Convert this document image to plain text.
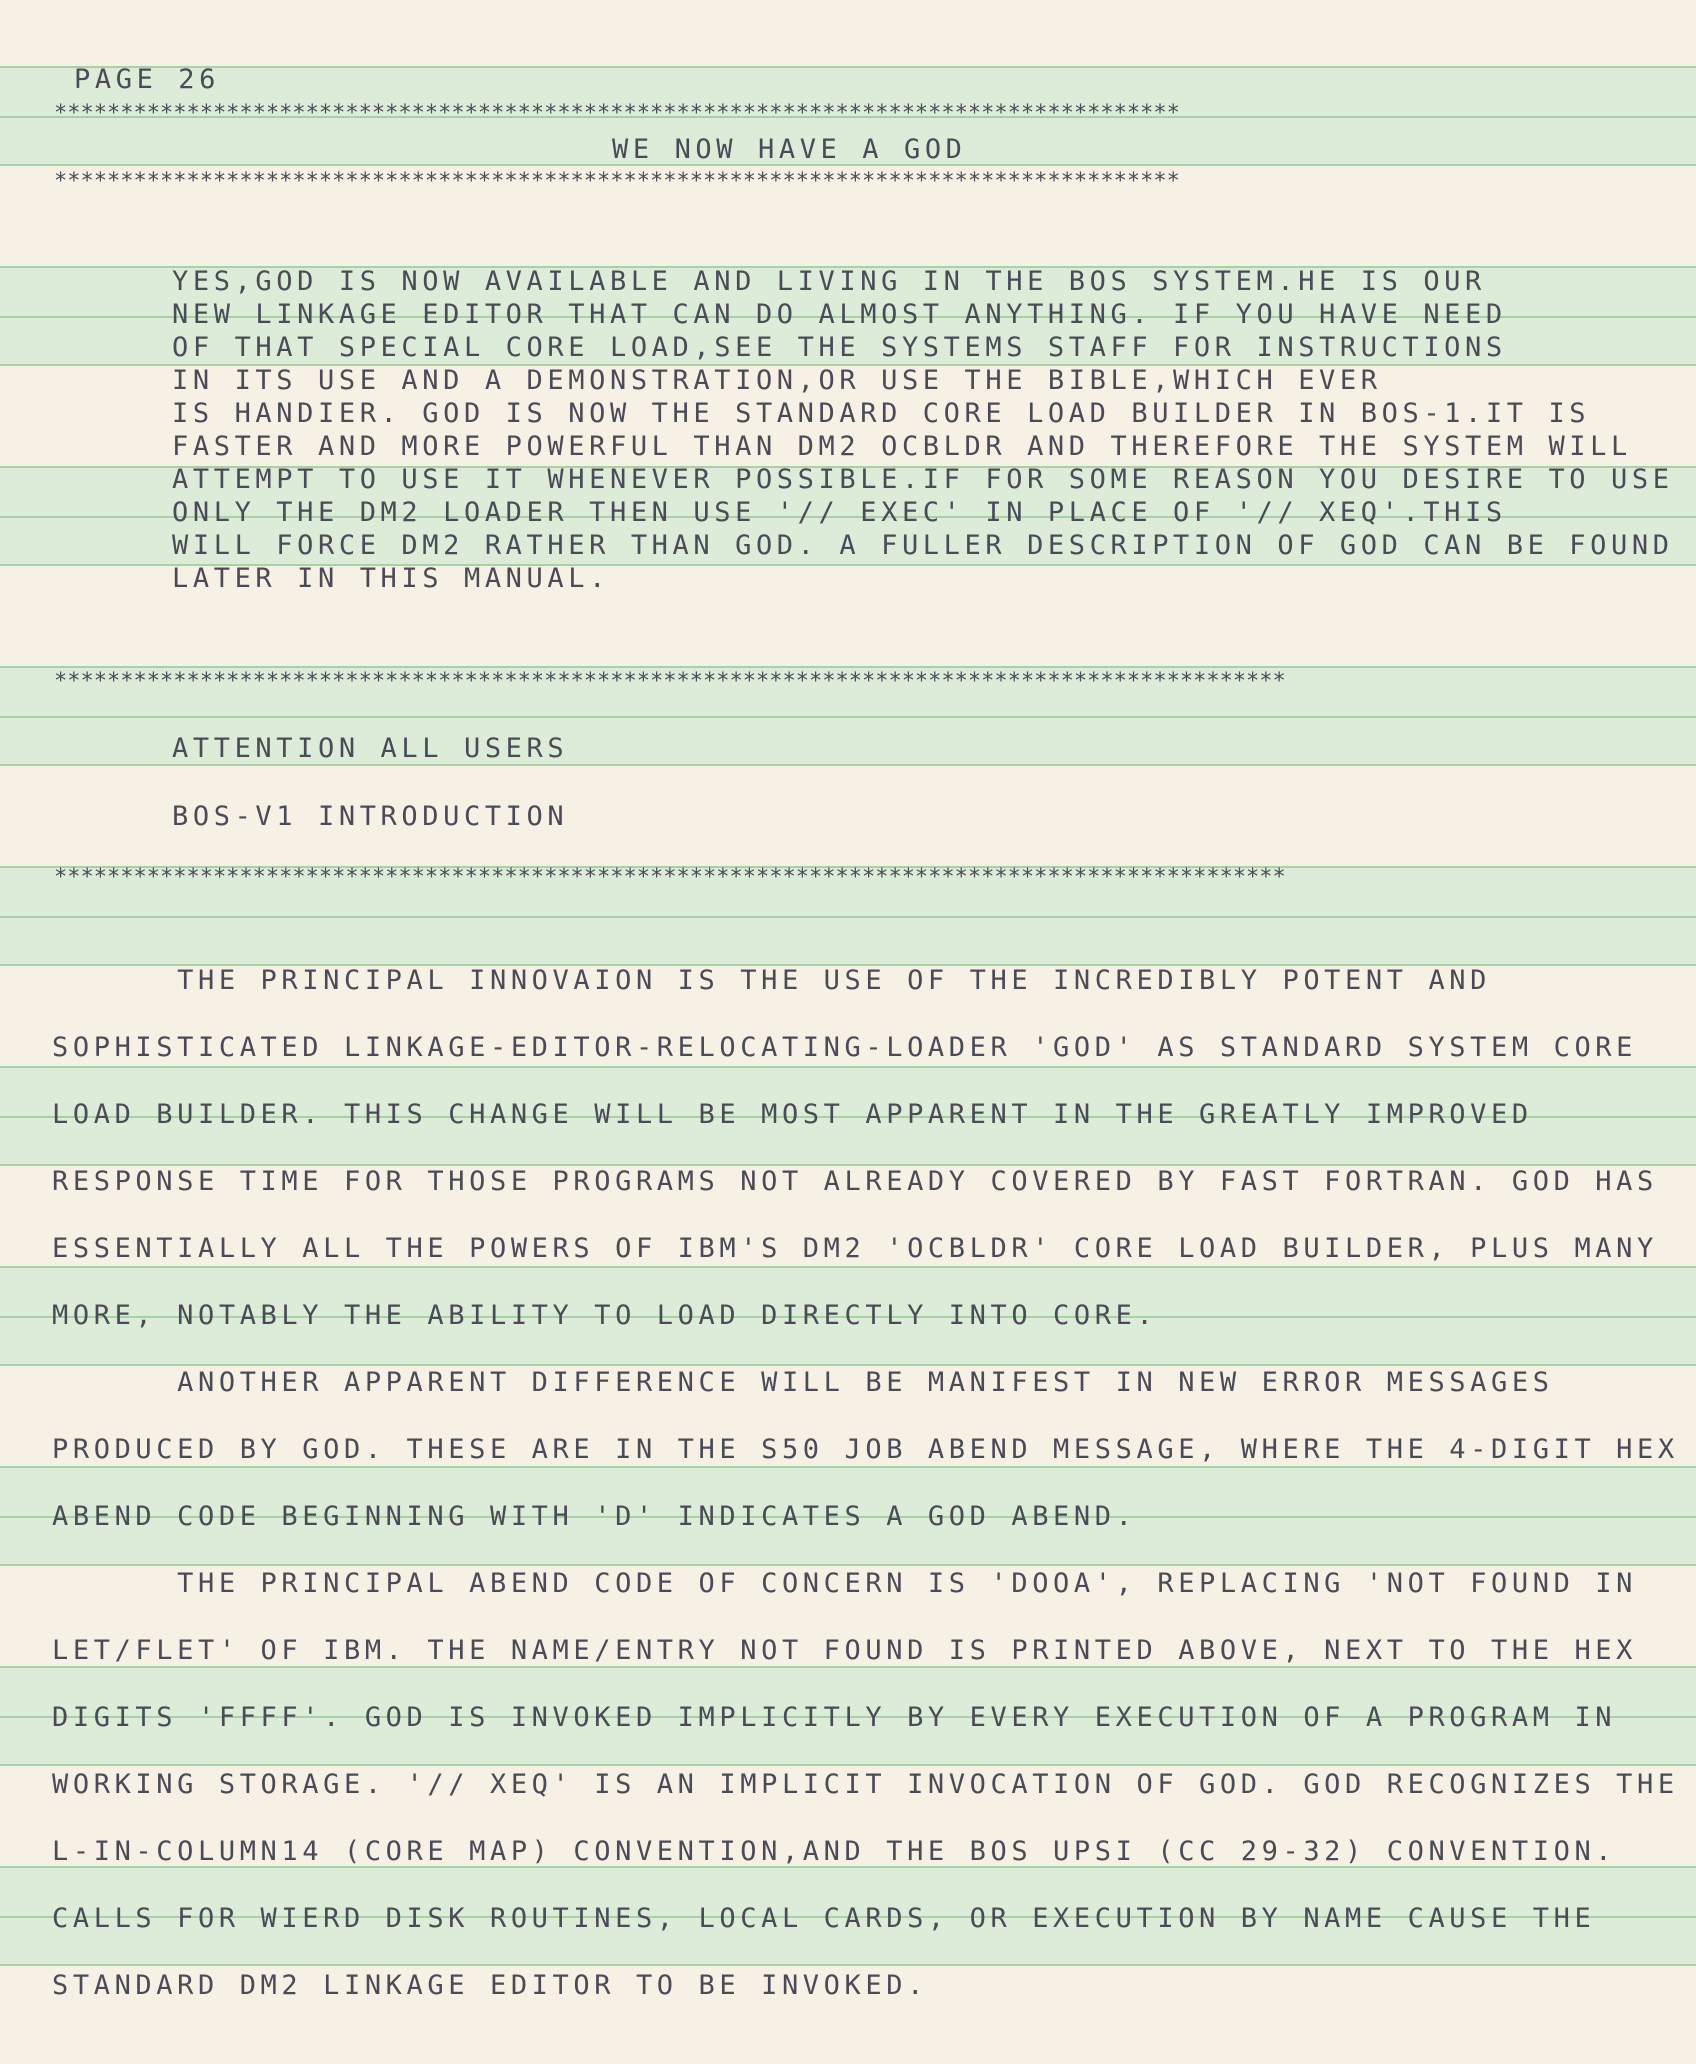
PAGE 26
*************************************************************************************
WE NOW HAVE A GOD
*************************************************************************************
YES,GOD IS NOW AVAILABLE AND LIVING IN THE BOS SYSTEM.HE IS OUR
NEW LINKAGE EDITOR THAT CAN DO ALMOST ANYTHING. IF YOU HAVE NEED
OF THAT SPECIAL CORE LOAD,SEE THE SYSTEMS STAFF FOR INSTRUCTIONS
IN ITS USE AND A DEMONSTRATION,OR USE THE BIBLE,WHICH EVER
IS HANDIER. GOD IS NOW THE STANDARD CORE LOAD BUILDER IN BOS-1.IT IS
FASTER AND MORE POWERFUL THAN DM2 OCBLDR AND THEREFORE THE SYSTEM WILL
ATTEMPT TO USE IT WHENEVER POSSIBLE.IF FOR SOME REASON YOU DESIRE TO USE
ONLY THE DM2 LOADER THEN USE '// EXEC' IN PLACE OF '// XEQ'.THIS
WILL FORCE DM2 RATHER THAN GOD. A FULLER DESCRIPTION OF GOD CAN BE FOUND
LATER IN THIS MANUAL.
*********************************************************************************************
ATTENTION ALL USERS
BOS-V1 INTRODUCTION
*********************************************************************************************
THE PRINCIPAL INNOVAION IS THE USE OF THE INCREDIBLY POTENT AND
SOPHISTICATED LINKAGE-EDITOR-RELOCATING-LOADER 'GOD' AS STANDARD SYSTEM CORE
LOAD BUILDER. THIS CHANGE WILL BE MOST APPARENT IN THE GREATLY IMPROVED
RESPONSE TIME FOR THOSE PROGRAMS NOT ALREADY COVERED BY FAST FORTRAN. GOD HAS
ESSENTIALLY ALL THE POWERS OF IBM'S DM2 'OCBLDR' CORE LOAD BUILDER, PLUS MANY
MORE, NOTABLY THE ABILITY TO LOAD DIRECTLY INTO CORE.
ANOTHER APPARENT DIFFERENCE WILL BE MANIFEST IN NEW ERROR MESSAGES
PRODUCED BY GOD. THESE ARE IN THE S50 JOB ABEND MESSAGE, WHERE THE 4-DIGIT HEX
ABEND CODE BEGINNING WITH 'D' INDICATES A GOD ABEND.
THE PRINCIPAL ABEND CODE OF CONCERN IS 'DOOA', REPLACING 'NOT FOUND IN
LET/FLET' OF IBM. THE NAME/ENTRY NOT FOUND IS PRINTED ABOVE, NEXT TO THE HEX
DIGITS 'FFFF'. GOD IS INVOKED IMPLICITLY BY EVERY EXECUTION OF A PROGRAM IN
WORKING STORAGE. '// XEQ' IS AN IMPLICIT INVOCATION OF GOD. GOD RECOGNIZES THE
L-IN-COLUMN14 (CORE MAP) CONVENTION,AND THE BOS UPSI (CC 29-32) CONVENTION.
CALLS FOR WIERD DISK ROUTINES, LOCAL CARDS, OR EXECUTION BY NAME CAUSE THE
STANDARD DM2 LINKAGE EDITOR TO BE INVOKED.
